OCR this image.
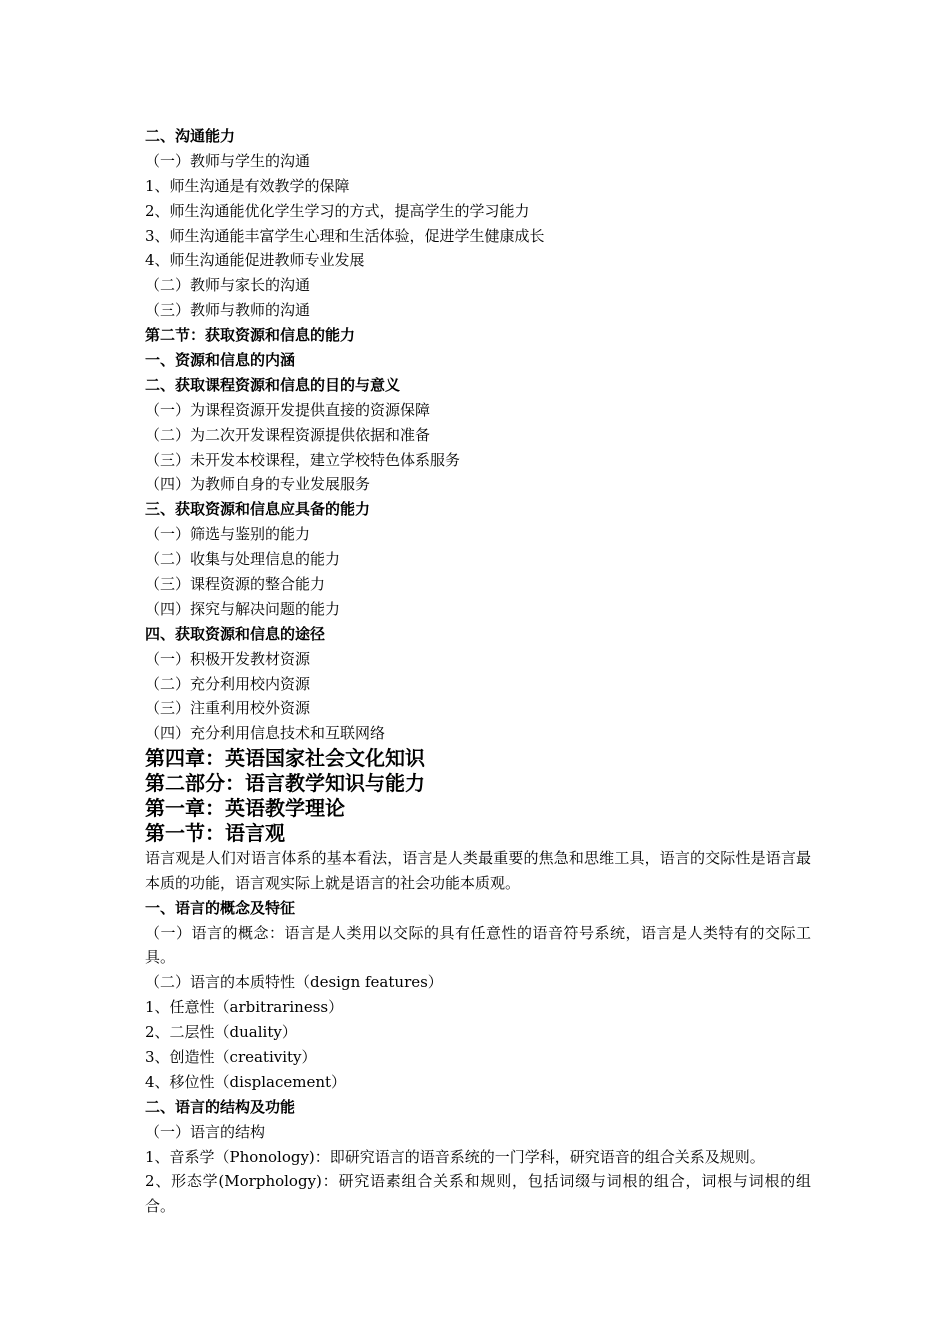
二、沟通能力
（一）教师与学生的沟通
1、师生沟通是有效教学的保障
2、师生沟通能优化学生学习的方式，提高学生的学习能力
3、师生沟通能丰富学生心理和生活体验，促进学生健康成长
4、师生沟通能促进教师专业发展
（二）教师与家长的沟通
（三）教师与教师的沟通
第二节：获取资源和信息的能力
一、资源和信息的内涵
二、获取课程资源和信息的目的与意义
（一）为课程资源开发提供直接的资源保障
（二）为二次开发课程资源提供依据和准备
（三）未开发本校课程，建立学校特色体系服务
（四）为教师自身的专业发展服务
三、获取资源和信息应具备的能力
（一）筛选与鉴别的能力
（二）收集与处理信息的能力
（三）课程资源的整合能力
（四）探究与解决问题的能力
四、获取资源和信息的途径
（一）积极开发教材资源
（二）充分利用校内资源
（三）注重利用校外资源
（四）充分利用信息技术和互联网络
第四章：英语国家社会文化知识
第二部分：语言教学知识与能力
第一章：英语教学理论
第一节：语言观
语言观是人们对语言体系的基本看法，语言是人类最重要的焦急和思维工具，语言的交际性是语言最本质的功能，语言观实际上就是语言的社会功能本质观。
一、语言的概念及特征
（一）语言的概念：语言是人类用以交际的具有任意性的语音符号系统，语言是人类特有的交际工具。
（二）语言的本质特性（design features）
1、任意性（arbitrariness）
2、二层性（duality）
3、创造性（creativity）
4、移位性（displacement）
二、语言的结构及功能
（一）语言的结构
1、音系学（Phonology)：即研究语言的语音系统的一门学科，研究语音的组合关系及规则。
2、形态学(Morphology)：研究语素组合关系和规则，包括词缀与词根的组合，词根与词根的组合。
